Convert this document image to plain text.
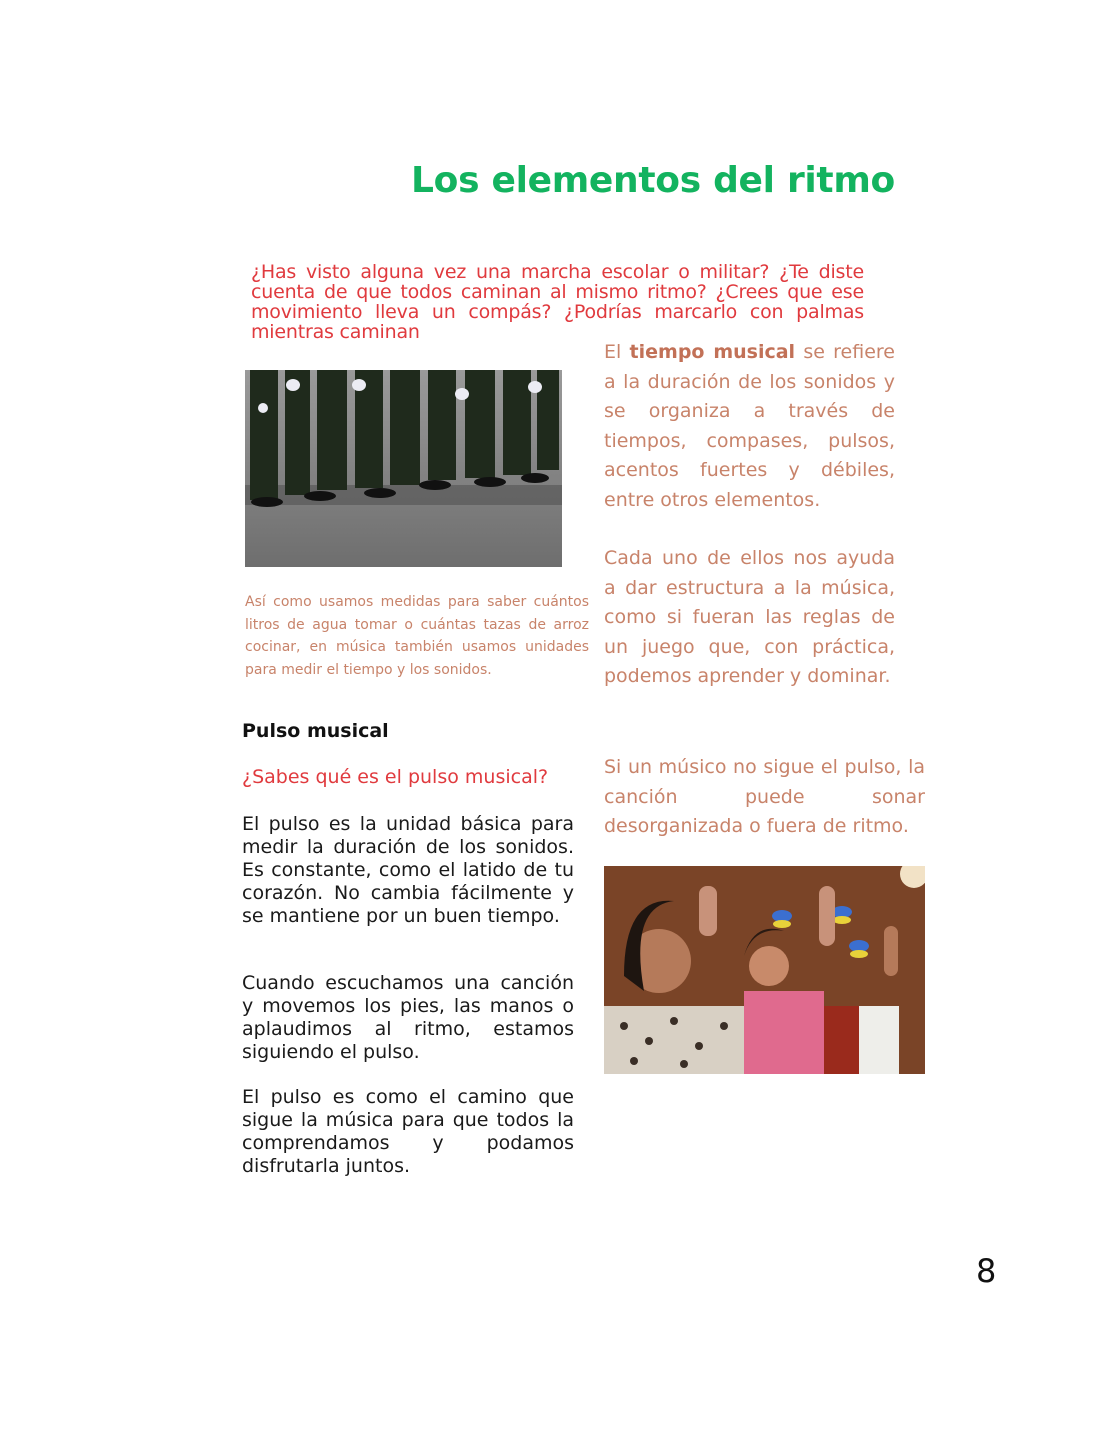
Los elementos del ritmo
¿Has visto alguna vez una marcha escolar o militar? ¿Te diste cuenta de que todos caminan al mismo ritmo? ¿Crees que ese movimiento lleva un compás? ¿Podrías marcarlo con palmas mientras caminan
El tiempo musical se refiere a la duración de los sonidos y se organiza a través de tiempos, compases, pulsos, acentos fuertes y débiles, entre otros elementos.
Cada uno de ellos nos ayuda a dar estructura a la música, como si fueran las reglas de un juego que, con práctica, podemos aprender y dominar.
Si un músico no sigue el pulso, la canción puede sonar desorganizada o fuera de ritmo.
Así como usamos medidas para saber cuántos litros de agua tomar o cuántas tazas de arroz cocinar, en música también usamos unidades para medir el tiempo y los sonidos.
Pulso musical
¿Sabes qué es el pulso musical?
El pulso es la unidad básica para medir la duración de los sonidos. Es constante, como el latido de tu corazón. No cambia fácilmente y se mantiene por un buen tiempo.
Cuando escuchamos una canción y movemos los pies, las manos o aplaudimos al ritmo, estamos siguiendo el pulso.
El pulso es como el camino que sigue la música para que todos la comprendamos y podamos disfrutarla juntos.
8
